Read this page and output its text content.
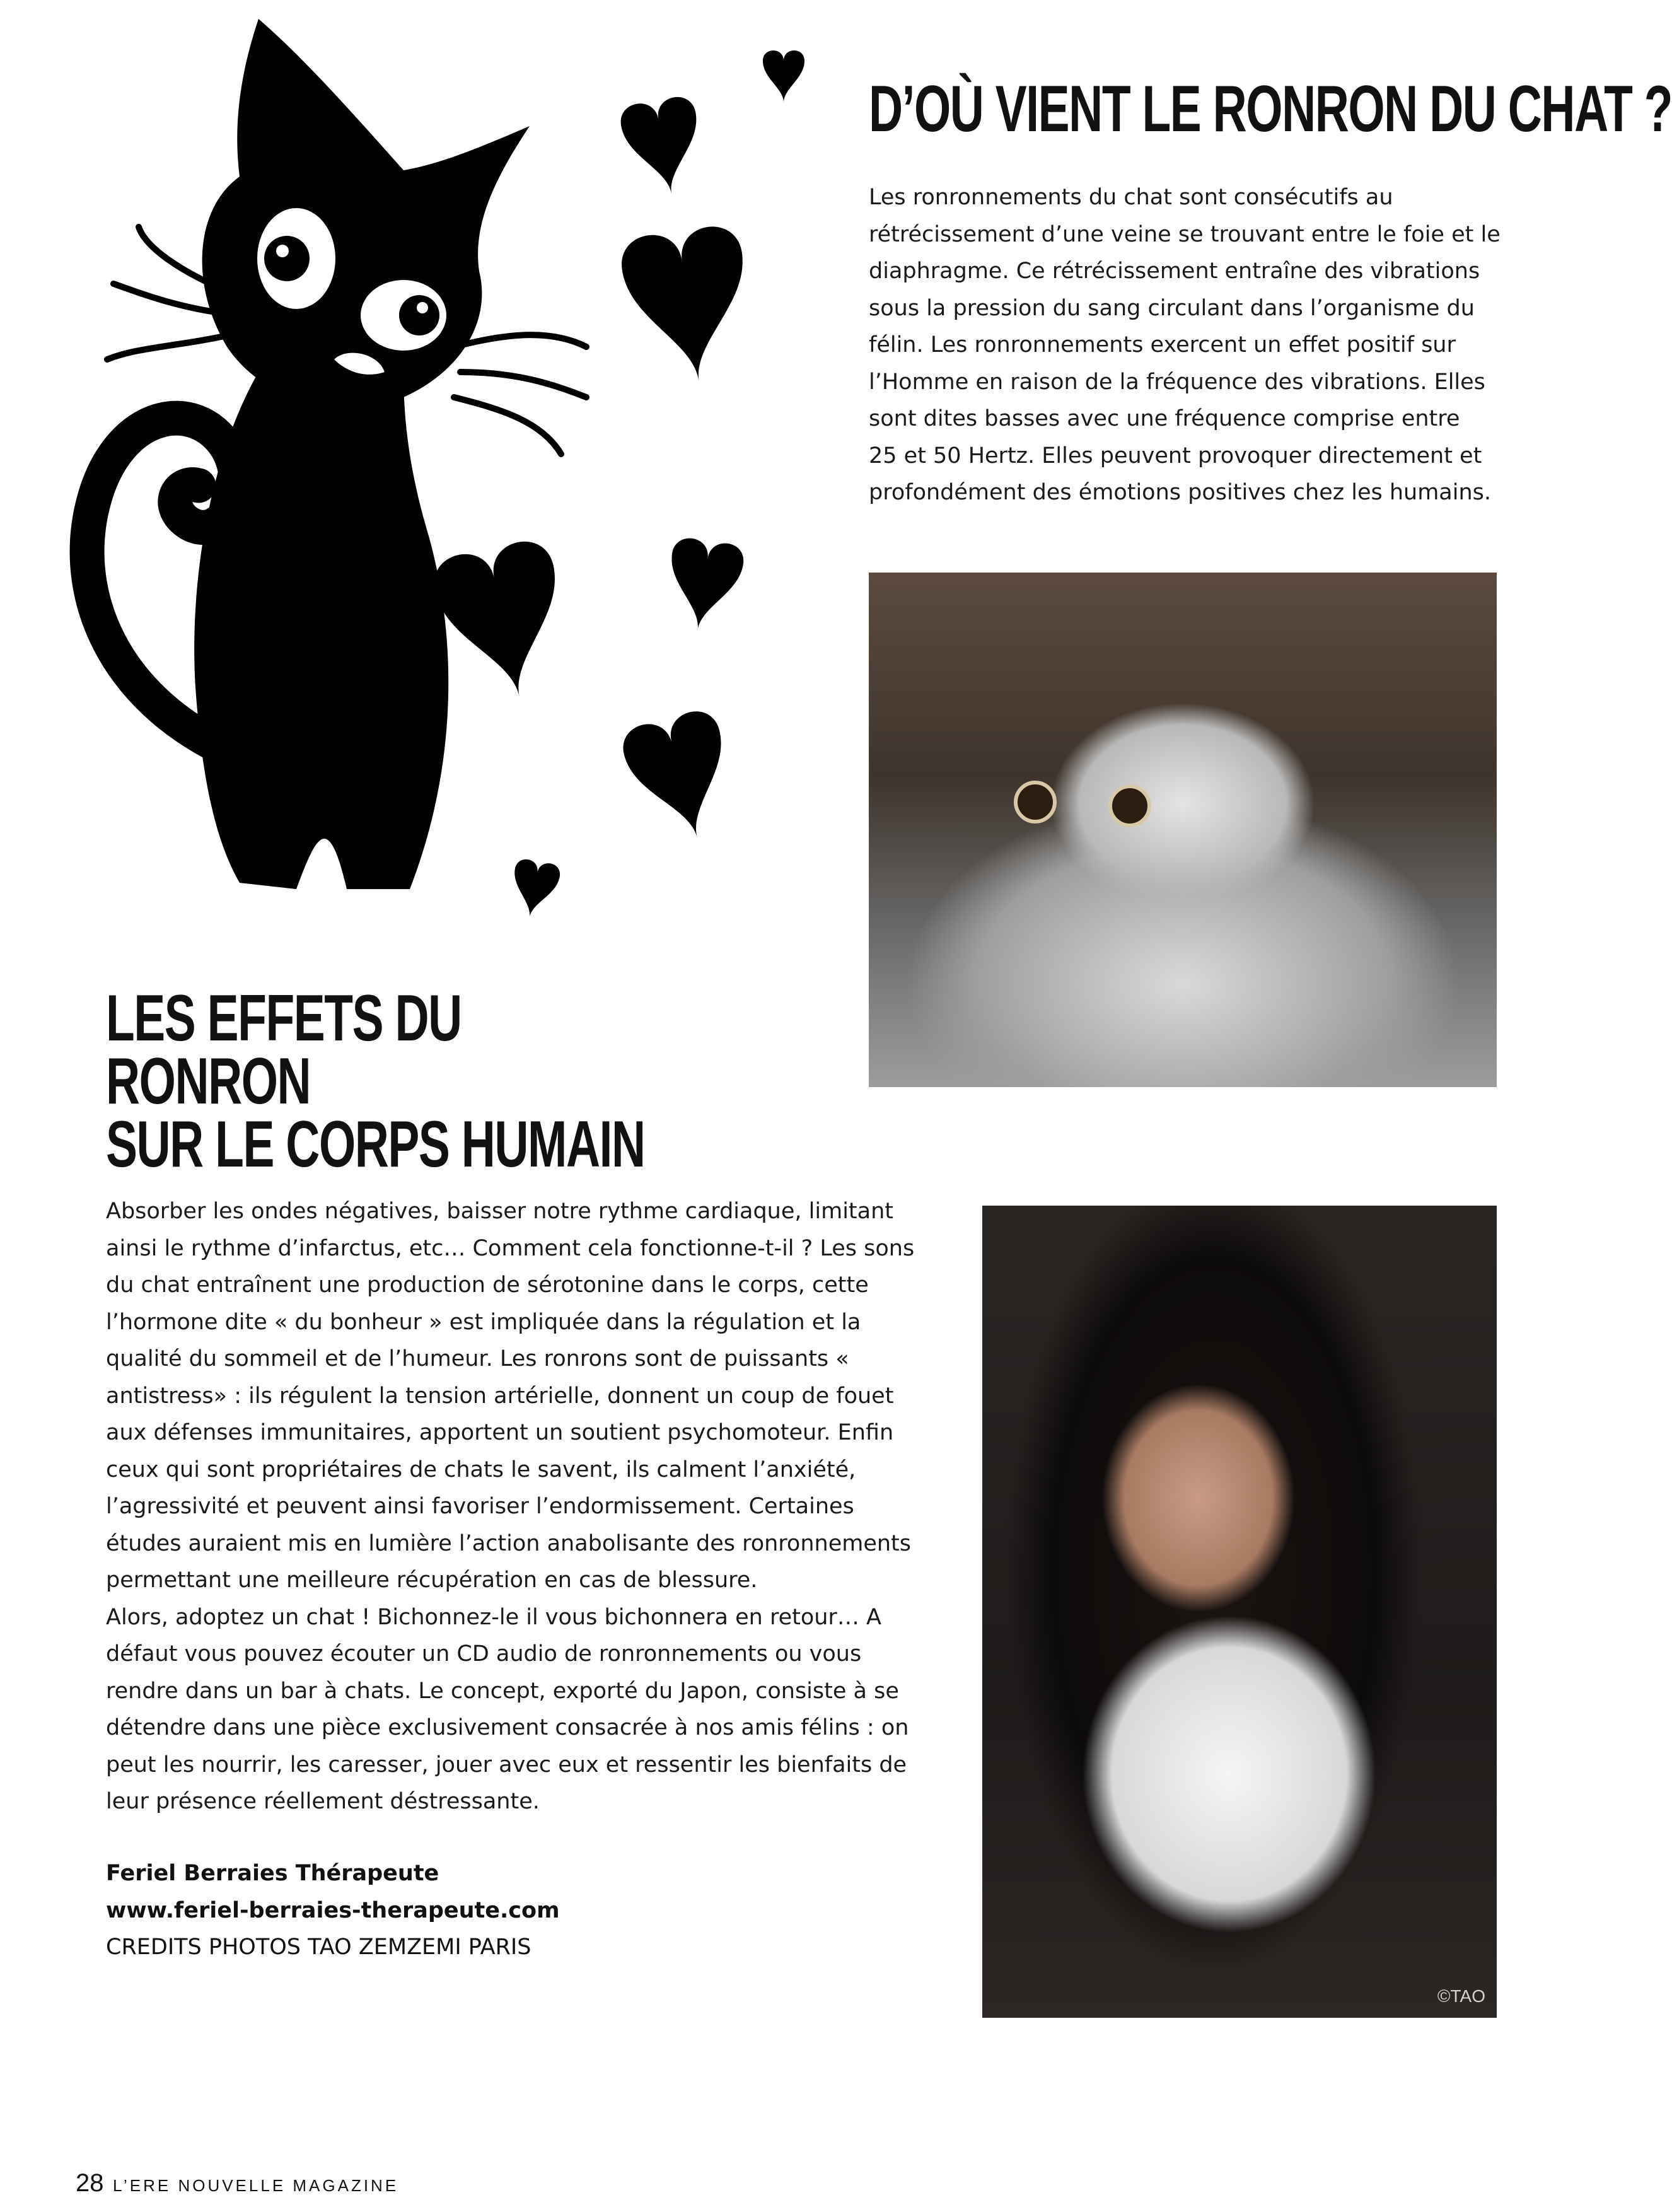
D’OÙ VIENT LE RONRON DU CHAT ?

Les ronronnements du chat sont consécutifs au

rétrécissement d’une veine se trouvant entre le foie et le

diaphragme. Ce rétrécissement entraîne des vibrations

sous la pression du sang circulant dans l’organisme du

félin. Les ronronnements exercent un effet positif sur

l’Homme en raison de la fréquence des vibrations. Elles

sont dites basses avec une fréquence comprise entre

25 et 50 Hertz. Elles peuvent provoquer directement et

profondément des émotions positives chez les humains.

LES EFFETS DU
RONRON
SUR LE CORPS HUMAIN

Absorber les ondes négatives, baisser notre rythme cardiaque, limitant

ainsi le rythme d’infarctus, etc… Comment cela fonctionne-t-il ? Les sons

du chat entraînent une production de sérotonine dans le corps, cette

l’hormone dite « du bonheur » est impliquée dans la régulation et la

qualité du sommeil et de l’humeur. Les ronrons sont de puissants «

antistress» : ils régulent la tension artérielle, donnent un coup de fouet

aux défenses immunitaires, apportent un soutient psychomoteur. Enfin

ceux qui sont propriétaires de chats le savent, ils calment l’anxiété,

l’agressivité et peuvent ainsi favoriser l’endormissement. Certaines

études auraient mis en lumière l’action anabolisante des ronronnements

permettant une meilleure récupération en cas de blessure.

Alors, adoptez un chat ! Bichonnez-le il vous bichonnera en retour… A

défaut vous pouvez écouter un CD audio de ronronnements ou vous

rendre dans un bar à chats. Le concept, exporté du Japon, consiste à se

détendre dans une pièce exclusivement consacrée à nos amis félins : on

peut les nourrir, les caresser, jouer avec eux et ressentir les bienfaits de

leur présence réellement déstressante.

©TAO
Feriel Berraies Thérapeute
www.feriel-berraies-therapeute.com
CREDITS PHOTOS TAO ZEMZEMI PARIS
28 L’ERE NOUVELLE MAGAZINE
